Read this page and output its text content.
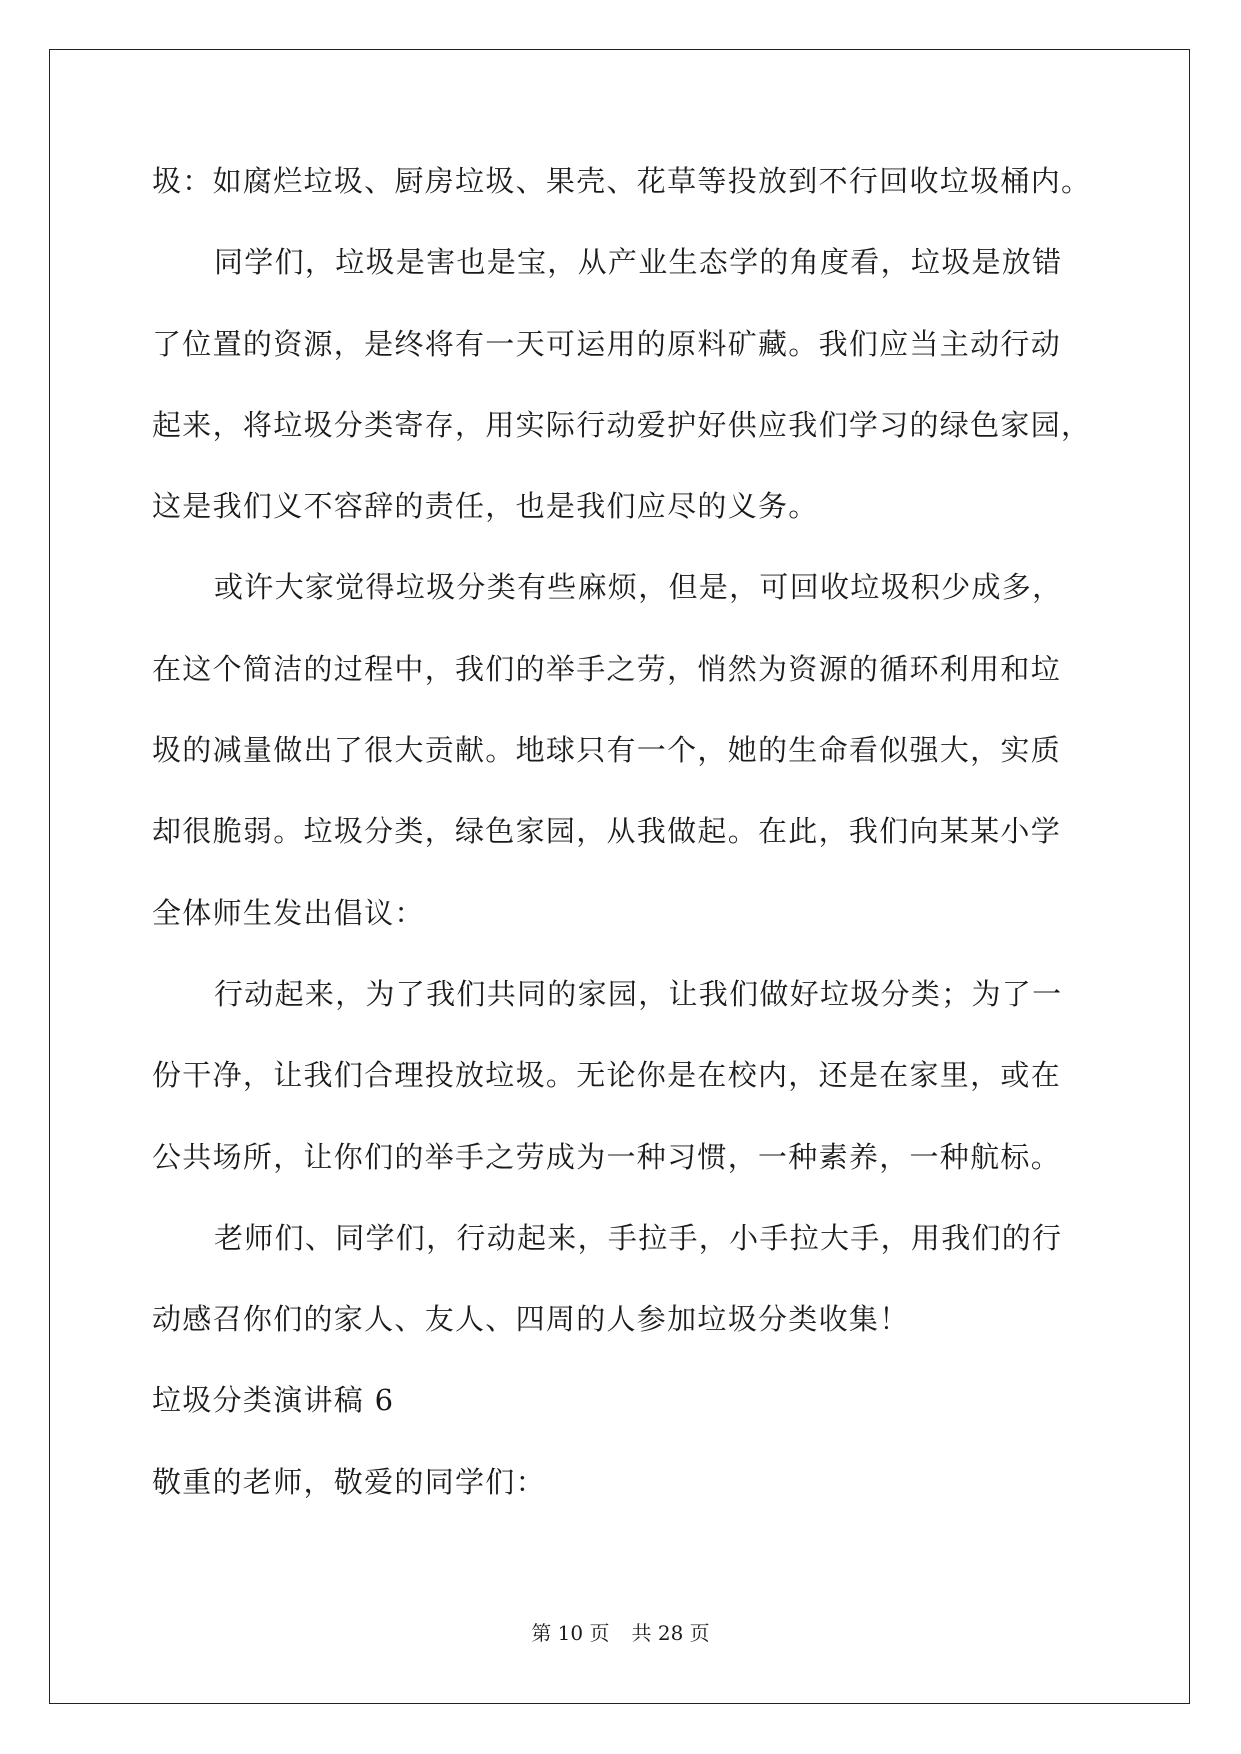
圾：如腐烂垃圾、厨房垃圾、果壳、花草等投放到不行回收垃圾桶内。
同学们，垃圾是害也是宝，从产业生态学的角度看，垃圾是放错
了位置的资源，是终将有一天可运用的原料矿藏。我们应当主动行动
起来，将垃圾分类寄存，用实际行动爱护好供应我们学习的绿色家园，
这是我们义不容辞的责任，也是我们应尽的义务。
或许大家觉得垃圾分类有些麻烦，但是，可回收垃圾积少成多，
在这个简洁的过程中，我们的举手之劳，悄然为资源的循环利用和垃
圾的减量做出了很大贡献。地球只有一个，她的生命看似强大，实质
却很脆弱。垃圾分类，绿色家园，从我做起。在此，我们向某某小学
全体师生发出倡议：
行动起来，为了我们共同的家园，让我们做好垃圾分类；为了一
份干净，让我们合理投放垃圾。无论你是在校内，还是在家里，或在
公共场所，让你们的举手之劳成为一种习惯，一种素养，一种航标。
老师们、同学们，行动起来，手拉手，小手拉大手，用我们的行
动感召你们的家人、友人、四周的人参加垃圾分类收集！
垃圾分类演讲稿 6
敬重的老师，敬爱的同学们：
第 10 页 共 28 页
